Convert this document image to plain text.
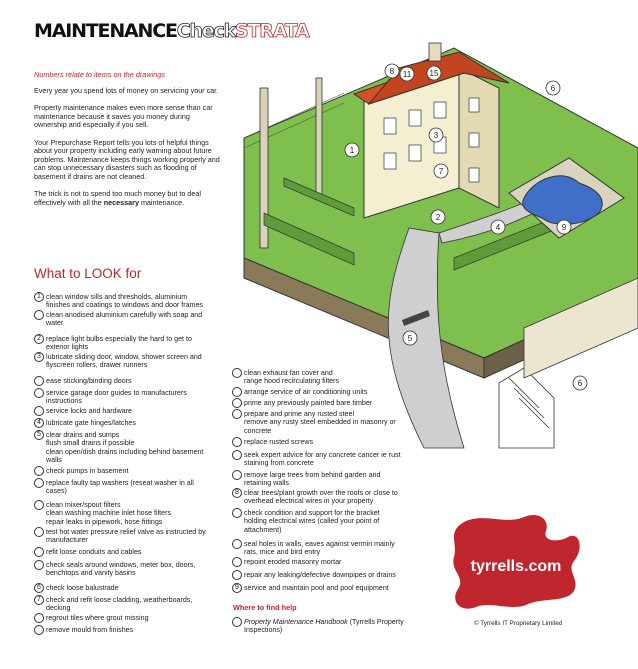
MAINTENANCECheckSTRATA
Numbers relate to items on the drawings

Every year you spend lots of money on servicing your car.

Property maintenance makes even more sense than car maintenance because it saves you money during ownership and especially if you sell.

Your Prepurchase Report tells you lots of helpful things about your property including early warning about future problems. Maintenance keeps things working properly and can stop unnecessary disasters such as flooding of basement if drains are not cleaned.

The trick is not to spend too much money but to deal effectively with all the necessary maintenance.

What to LOOK for
1 clean window sills and thresholds, aluminium
finishes and coatings to windows and door frames
clean anodised aluminium carefully with soap and
water
2 replace light bulbs especially the hard to get to
exterior lights
3 lubricate sliding door, window, shower screen and
flyscreen rollers, drawer runners
ease sticking/binding doors
service garage door guides to manufacturers
instructions
service locks and hardware
4 lubricate gate hinges/latches
5 clear drains and sumps
flush small drains if possible
clean open/dish drains including behind basement
walls
check pumps in basement
replace faulty tap washers (reseat washer in all
cases)
clean mixer/spout filters
clean washing machine inlet hose filters
repair leaks in pipework, hose fittings
test hot water pressure relief valve as instructed by
manufacturer
refit loose conduits and cables
check seals around windows, meter box, doors,
benchtops and vanity basins
6 check loose balustrade
7 check and refit loose cladding, weatherboards,
decking
regrout tiles where grout missing
remove mould from finishes
clean exhaust fan cover and
range hood recirculating filters
arrange service of air conditioning units
prime any previously painted bare timber
prepare and prime any rusted steel
remove any rusty steel embedded in masonry or
concrete
replace rusted screws
seek expert advice for any concrete cancer ie rust
staining from concrete
remove large trees from behind garden and
retaining walls
8 clear trees/plant growth over the roofs or close to
overhead electrical wires in your property
check condition and support for the bracket
holding electrical wires (called your point of
attachment)
seal holes in walls, eaves against vermin mainly
rats, mice and bird entry
repoint eroded masonry mortar
repair any leaking/defective downpipes or drains
9 service and maintain pool and pool equipment
Where to find help
Property Maintenance Handbook (Tyrrells Property
Inspections)
8 11 15
6
3
1
7
2
4	9
5
6
tyrrells.com
© Tyrrells IT Proprietary Limited
